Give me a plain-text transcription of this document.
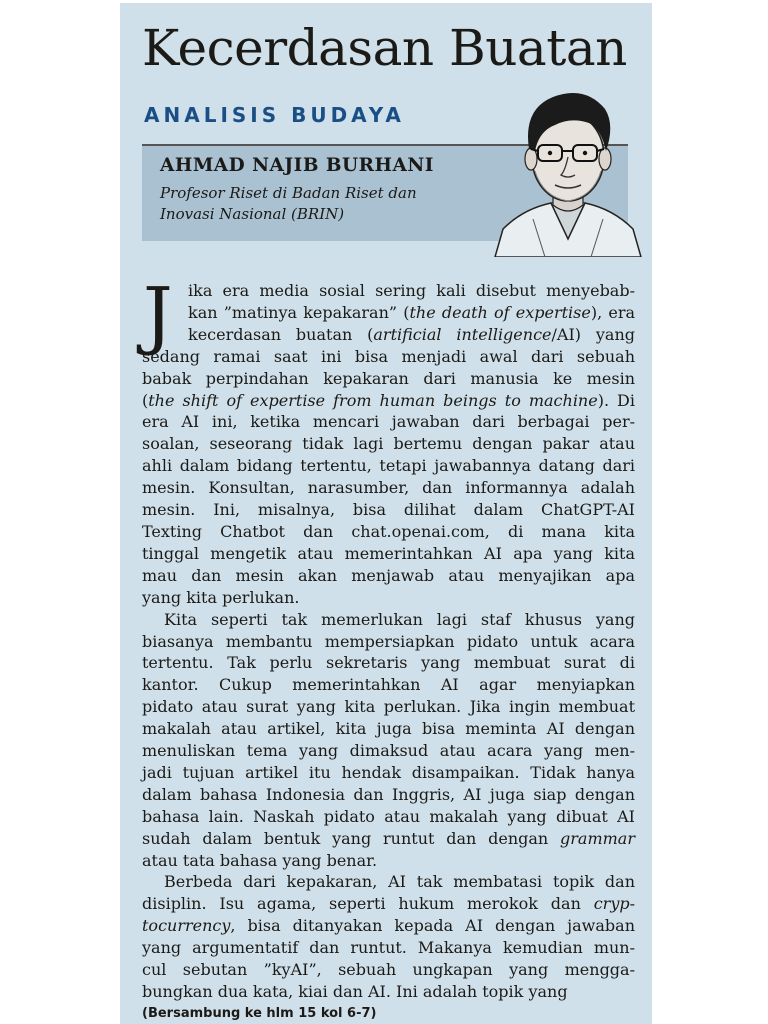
Kecerdasan Buatan
ANALISIS BUDAYA
AHMAD NAJIB BURHANI
Profesor Riset di Badan Riset dan
Inovasi Nasional (BRIN)
(Bersambung ke hlm 15 kol 6-7)
J ika era media sosial sering kali disebut menyebab-

kan ”matinya kepakaran” (the death of expertise), era

kecerdasan buatan (artificial intelligence/AI) yang

sedang ramai saat ini bisa menjadi awal dari sebuah

babak perpindahan kepakaran dari manusia ke mesin

(the shift of expertise from human beings to machine). Di

era AI ini, ketika mencari jawaban dari berbagai per-

soalan, seseorang tidak lagi bertemu dengan pakar atau

ahli dalam bidang tertentu, tetapi jawabannya datang dari

mesin. Konsultan, narasumber, dan informannya adalah

mesin. Ini, misalnya, bisa dilihat dalam ChatGPT-AI

Texting Chatbot dan chat.openai.com, di mana kita

tinggal mengetik atau memerintahkan AI apa yang kita

mau dan mesin akan menjawab atau menyajikan apa

yang kita perlukan.

Kita seperti tak memerlukan lagi staf khusus yang

biasanya membantu mempersiapkan pidato untuk acara

tertentu. Tak perlu sekretaris yang membuat surat di

kantor. Cukup memerintahkan AI agar menyiapkan

pidato atau surat yang kita perlukan. Jika ingin membuat

makalah atau artikel, kita juga bisa meminta AI dengan

menuliskan tema yang dimaksud atau acara yang men-

jadi tujuan artikel itu hendak disampaikan. Tidak hanya

dalam bahasa Indonesia dan Inggris, AI juga siap dengan

bahasa lain. Naskah pidato atau makalah yang dibuat AI

sudah dalam bentuk yang runtut dan dengan grammar

atau tata bahasa yang benar.

Berbeda dari kepakaran, AI tak membatasi topik dan

disiplin. Isu agama, seperti hukum merokok dan cryp-

tocurrency, bisa ditanyakan kepada AI dengan jawaban

yang argumentatif dan runtut. Makanya kemudian mun-

cul sebutan ”kyAI”, sebuah ungkapan yang mengga-

bungkan dua kata, kiai dan AI. Ini adalah topik yang
